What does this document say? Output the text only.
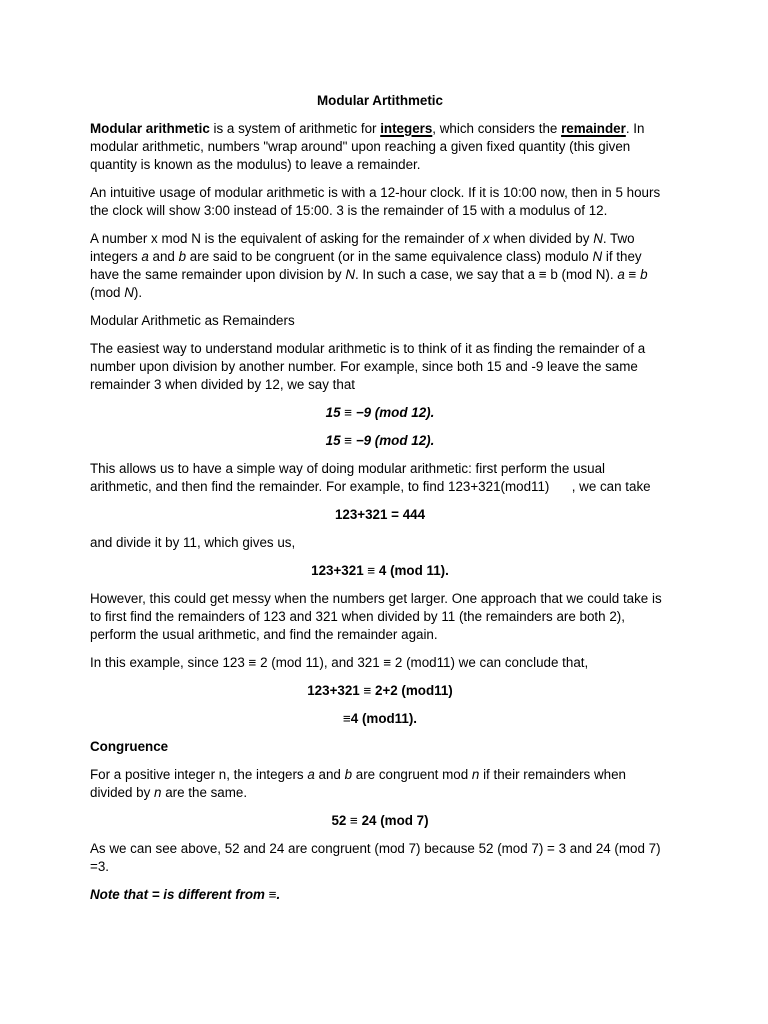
Modular Artithmetic

Modular arithmetic is a system of arithmetic for integers, which considers the remainder. In modular arithmetic, numbers "wrap around" upon reaching a given fixed quantity (this given quantity is known as the modulus) to leave a remainder.

An intuitive usage of modular arithmetic is with a 12-hour clock. If it is 10:00 now, then in 5 hours the clock will show 3:00 instead of 15:00. 3 is the remainder of 15 with a modulus of 12.

A number x mod N is the equivalent of asking for the remainder of x when divided by N. Two integers a and b are said to be congruent (or in the same equivalence class) modulo N if they have the same remainder upon division by N. In such a case, we say that a ≡ b (mod N). a ≡ b (mod N).

Modular Arithmetic as Remainders

The easiest way to understand modular arithmetic is to think of it as finding the remainder of a number upon division by another number. For example, since both 15 and -9 leave the same remainder 3 when divided by 12, we say that

15 ≡ −9 (mod 12).

15 ≡ −9 (mod 12).

This allows us to have a simple way of doing modular arithmetic: first perform the usual arithmetic, and then find the remainder. For example, to find 123+321(mod11)      , we can take

123+321 = 444

and divide it by 11, which gives us,

123+321 ≡ 4 (mod 11).

However, this could get messy when the numbers get larger. One approach that we could take is to first find the remainders of 123 and 321 when divided by 11 (the remainders are both 2), perform the usual arithmetic, and find the remainder again.

In this example, since 123 ≡ 2 (mod 11), and 321 ≡ 2 (mod11) we can conclude that,

123+321 ≡ 2+2 (mod11)

≡4 (mod11).

Congruence

For a positive integer n, the integers a and b are congruent mod n if their remainders when divided by n are the same.

52 ≡ 24 (mod 7)

As we can see above, 52 and 24 are congruent (mod 7) because 52 (mod 7) = 3 and 24 (mod 7) =3.

Note that = is different from ≡.
